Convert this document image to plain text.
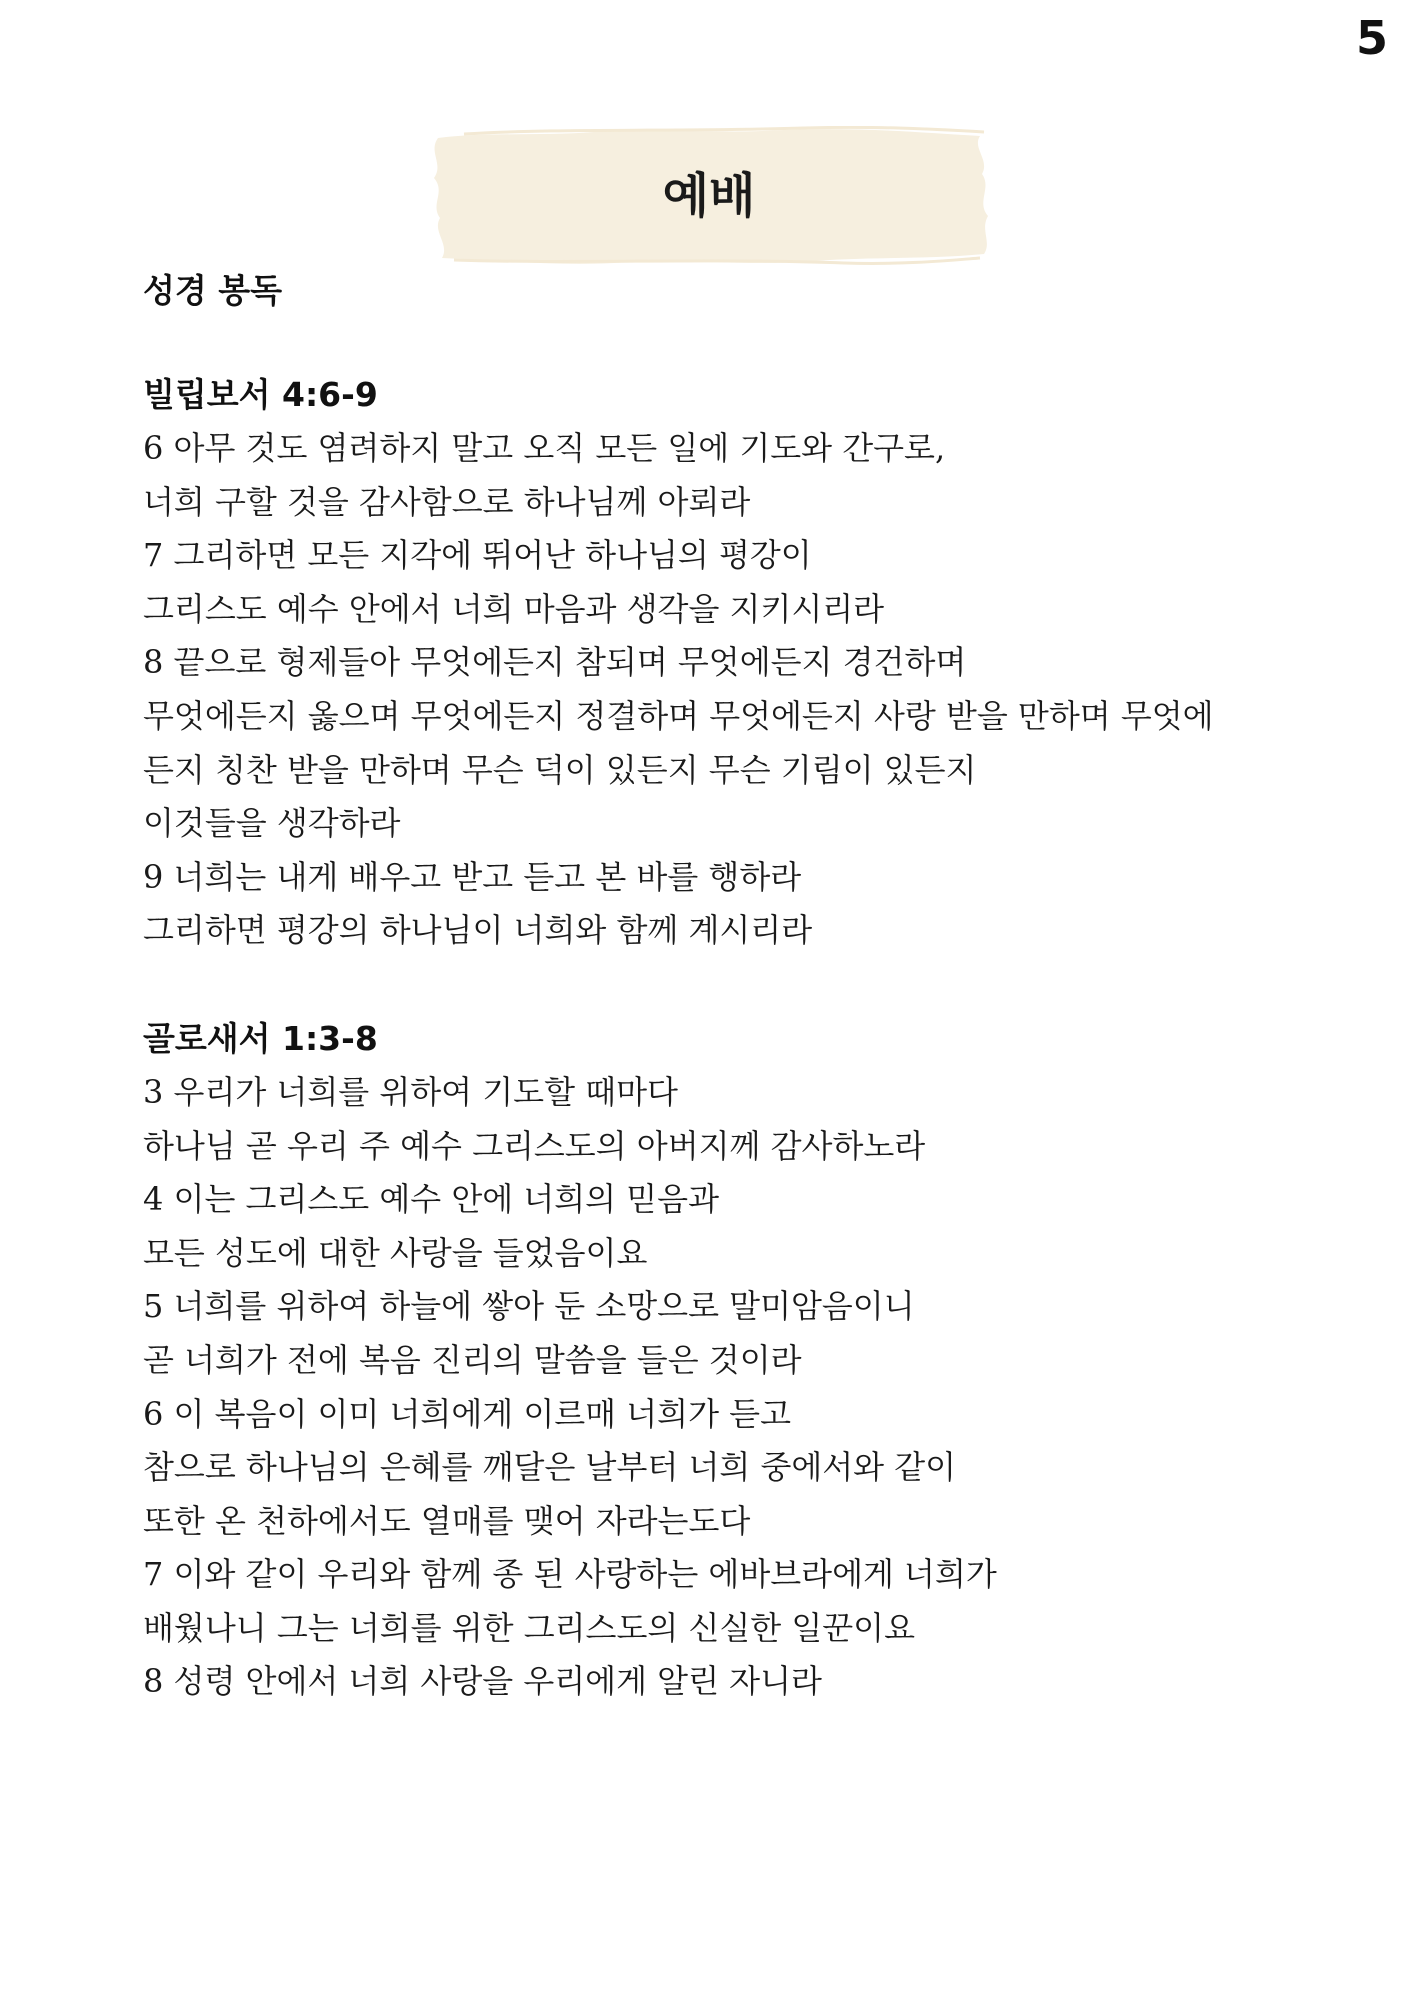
5
예배

성경 봉독

빌립보서 4:6-9

6 아무 것도 염려하지 말고 오직 모든 일에 기도와 간구로,

너희 구할 것을 감사함으로 하나님께 아뢰라

7 그리하면 모든 지각에 뛰어난 하나님의 평강이

그리스도 예수 안에서 너희 마음과 생각을 지키시리라

8 끝으로 형제들아 무엇에든지 참되며 무엇에든지 경건하며

무엇에든지 옳으며 무엇에든지 정결하며 무엇에든지 사랑 받을 만하며 무엇에

든지 칭찬 받을 만하며 무슨 덕이 있든지 무슨 기림이 있든지

이것들을 생각하라

9 너희는 내게 배우고 받고 듣고 본 바를 행하라

그리하면 평강의 하나님이 너희와 함께 계시리라

골로새서 1:3-8

3 우리가 너희를 위하여 기도할 때마다

하나님 곧 우리 주 예수 그리스도의 아버지께 감사하노라

4 이는 그리스도 예수 안에 너희의 믿음과

모든 성도에 대한 사랑을 들었음이요

5 너희를 위하여 하늘에 쌓아 둔 소망으로 말미암음이니

곧 너희가 전에 복음 진리의 말씀을 들은 것이라

6 이 복음이 이미 너희에게 이르매 너희가 듣고

참으로 하나님의 은혜를 깨달은 날부터 너희 중에서와 같이

또한 온 천하에서도 열매를 맺어 자라는도다

7 이와 같이 우리와 함께 종 된 사랑하는 에바브라에게 너희가

배웠나니 그는 너희를 위한 그리스도의 신실한 일꾼이요

8 성령 안에서 너희 사랑을 우리에게 알린 자니라
